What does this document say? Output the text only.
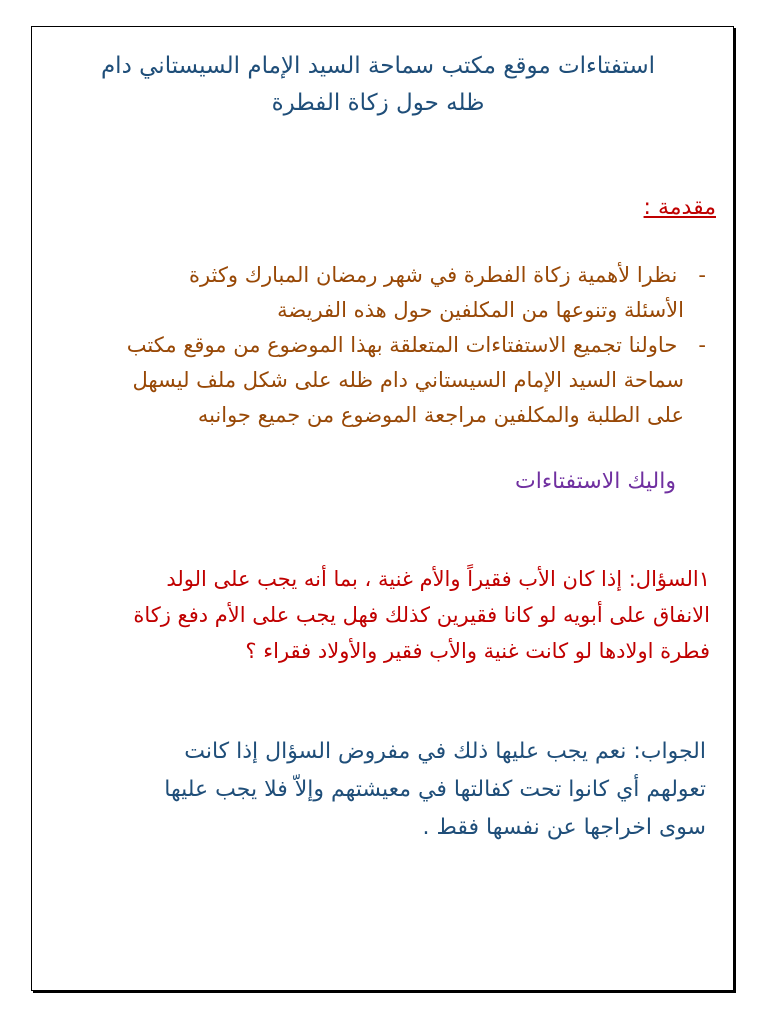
استفتاءات موقع مكتب سماحة السيد الإمام السيستاني دام
ظله حول زكاة الفطرة
مقدمة :
- نظرا لأهمية زكاة الفطرة في شهر رمضان المبارك وكثرة
الأسئلة وتنوعها من المكلفين حول هذه الفريضة
- حاولنا تجميع الاستفتاءات المتعلقة بهذا الموضوع من موقع مكتب
سماحة السيد الإمام السيستاني دام ظله على شكل ملف ليسهل
على الطلبة والمكلفين مراجعة الموضوع من جميع جوانبه
واليك الاستفتاءات
١السؤال: إذا كان الأب فقيراً والأم غنية ، بما أنه يجب على الولد
الانفاق على أبويه لو كانا فقيرين كذلك فهل يجب على الأم دفع زكاة
فطرة اولادها لو كانت غنية والأب فقير والأولاد فقراء ؟
الجواب: نعم يجب عليها ذلك في مفروض السؤال إذا كانت
تعولهم أي كانوا تحت كفالتها في معيشتهم وإلاّ فلا يجب عليها
سوى اخراجها عن نفسها فقط .
